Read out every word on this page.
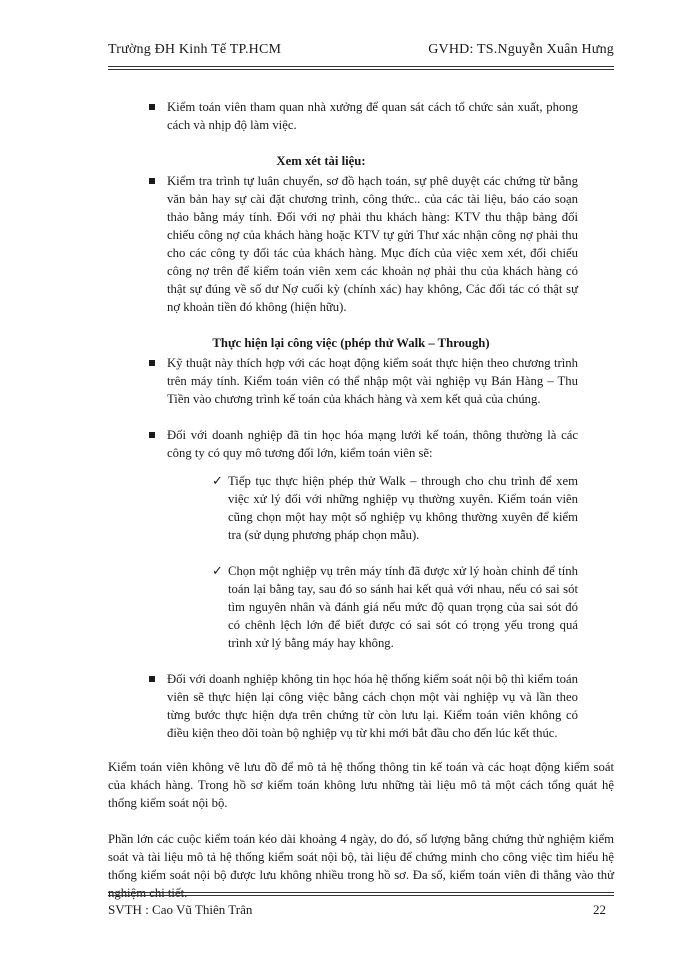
Trường ĐH Kinh Tế TP.HCM	GVHD: TS.Nguyễn Xuân Hưng
Kiểm toán viên tham quan nhà xưởng để quan sát cách tổ chức sản xuất, phong cách và nhịp độ làm việc.
Xem xét tài liệu:
Kiểm tra trình tự luân chuyển, sơ đồ hạch toán, sự phê duyệt các chứng từ bằng văn bản hay sự cài đặt chương trình, công thức.. của các tài liệu, báo cáo soạn thảo bằng máy tính. Đối với nợ phải thu khách hàng: KTV thu thập bảng đối chiếu công nợ của khách hàng hoặc KTV tự gửi Thư xác nhận công nợ phải thu cho các công ty đối tác của khách hàng. Mục đích của việc xem xét, đối chiếu công nợ trên để kiểm toán viên xem các khoản nợ phải thu của khách hàng có thật sự đúng về số dư Nợ cuối kỳ (chính xác) hay không, Các đối tác có thật sự nợ khoản tiền đó không (hiện hữu).
Thực hiện lại công việc (phép thử Walk – Through)
Kỹ thuật này thích hợp với các hoạt động kiểm soát thực hiện theo chương trình trên máy tính. Kiểm toán viên có thể nhập một vài nghiệp vụ Bán Hàng – Thu Tiền vào chương trình kế toán của khách hàng và xem kết quả của chúng.
Đối với doanh nghiệp đã tin học hóa mạng lưới kế toán, thông thường là các công ty có quy mô tương đối lớn, kiểm toán viên sẽ:
✓ Tiếp tục thực hiện phép thử Walk – through cho chu trình để xem việc xử lý đối với những nghiệp vụ thường xuyên. Kiểm toán viên cũng chọn một hay một số nghiệp vụ không thường xuyên để kiểm tra (sử dụng phương pháp chọn mẫu).
✓ Chọn một nghiệp vụ trên máy tính đã được xử lý hoàn chỉnh để tính toán lại bằng tay, sau đó so sánh hai kết quả với nhau, nếu có sai sót tìm nguyên nhân và đánh giá nếu mức độ quan trọng của sai sót đó có chênh lệch lớn để biết được có sai sót có trọng yếu trong quá trình xử lý bằng máy hay không.
Đối với doanh nghiệp không tin học hóa hệ thống kiểm soát nội bộ thì kiểm toán viên sẽ thực hiện lại công việc bằng cách chọn một vài nghiệp vụ và lần theo từng bước thực hiện dựa trên chứng từ còn lưu lại. Kiểm toán viên không có điều kiện theo dõi toàn bộ nghiệp vụ từ khi mới bắt đầu cho đến lúc kết thúc.
Kiểm toán viên không vẽ lưu đồ để mô tả hệ thống thông tin kế toán và các hoạt động kiểm soát của khách hàng. Trong hồ sơ kiểm toán không lưu những tài liệu mô tả một cách tổng quát hệ thống kiểm soát nội bộ.
Phần lớn các cuộc kiểm toán kéo dài khoảng 4 ngày, do đó, số lượng bằng chứng thử nghiệm kiểm soát và tài liệu mô tả hệ thống kiểm soát nội bộ, tài liệu để chứng minh cho công việc tìm hiểu hệ thống kiểm soát nội bộ được lưu không nhiều trong hồ sơ. Đa số, kiểm toán viên đi thẳng vào thử nghiệm chi tiết.
SVTH : Cao Vũ Thiên Trân	22
